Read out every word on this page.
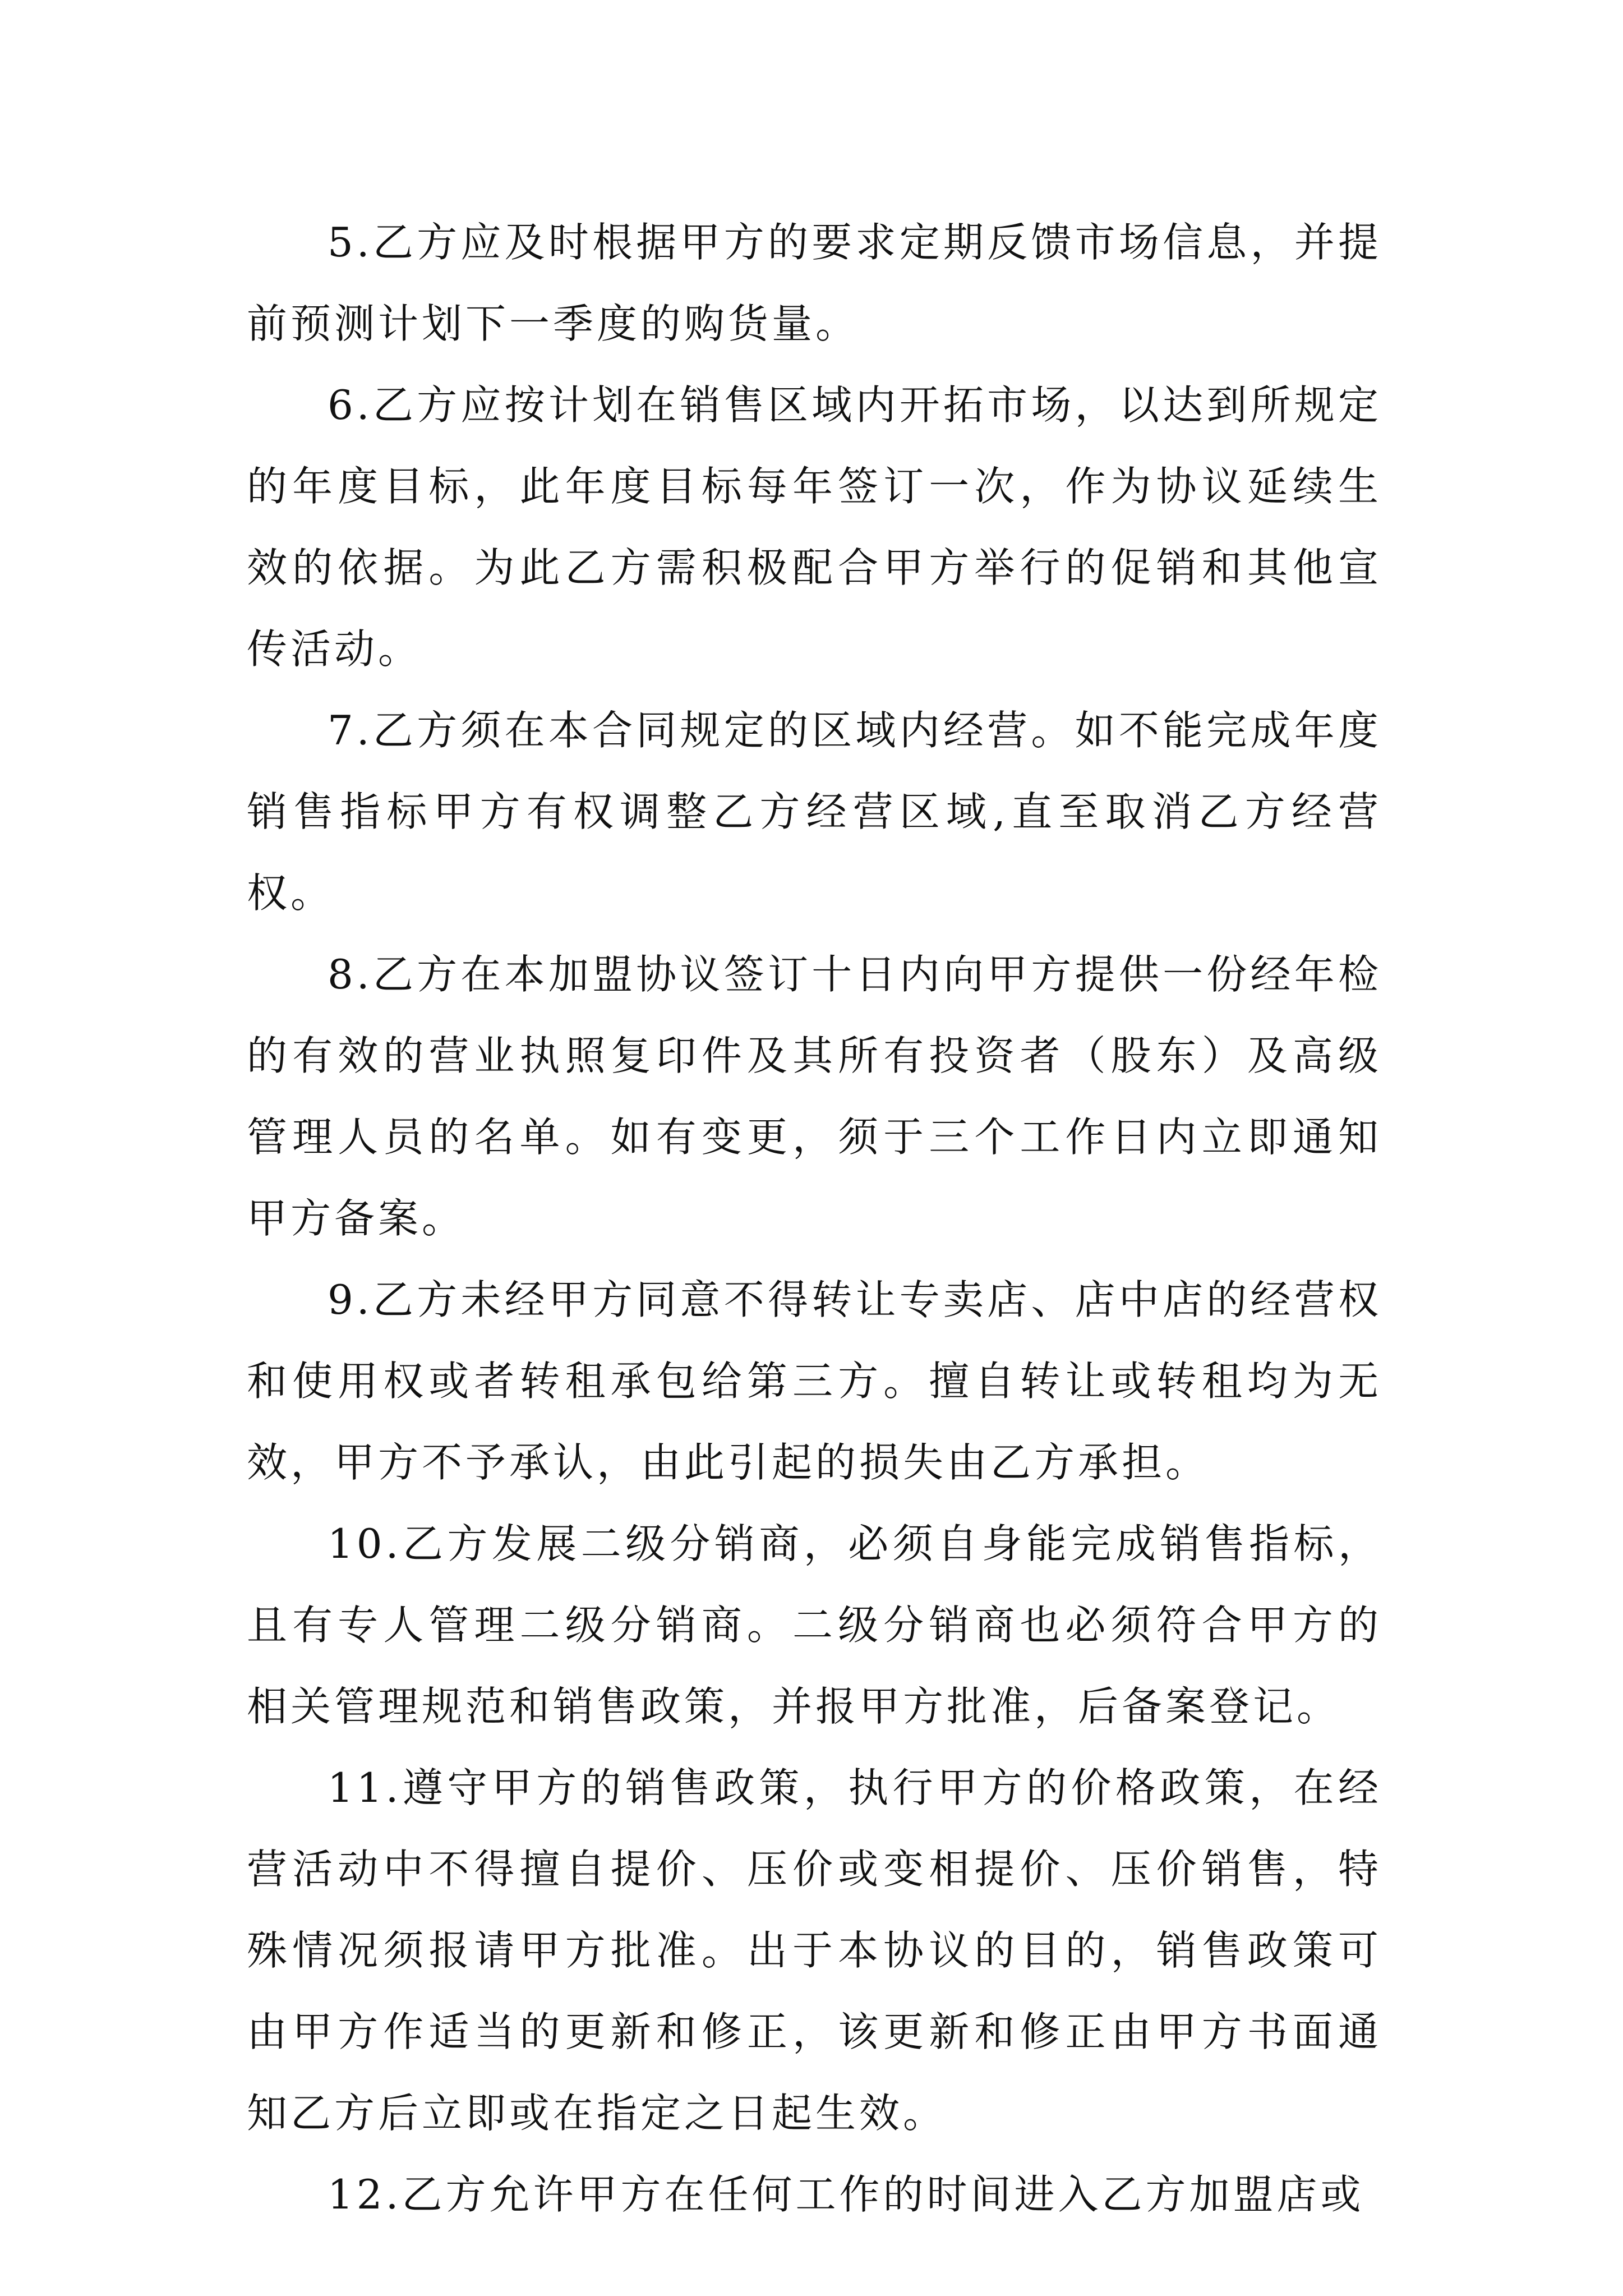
5.乙方应及时根据甲方的要求定期反馈市场信息，并提前预测计划下一季度的购货量。

6.乙方应按计划在销售区域内开拓市场，以达到所规定的年度目标，此年度目标每年签订一次，作为协议延续生效的依据。为此乙方需积极配合甲方举行的促销和其他宣传活动。

7.乙方须在本合同规定的区域内经营。如不能完成年度销售指标甲方有权调整乙方经营区域,直至取消乙方经营权。

8.乙方在本加盟协议签订十日内向甲方提供一份经年检的有效的营业执照复印件及其所有投资者（股东）及高级管理人员的名单。如有变更，须于三个工作日内立即通知甲方备案。

9.乙方未经甲方同意不得转让专卖店、店中店的经营权和使用权或者转租承包给第三方。擅自转让或转租均为无效，甲方不予承认，由此引起的损失由乙方承担。

10.乙方发展二级分销商，必须自身能完成销售指标，且有专人管理二级分销商。二级分销商也必须符合甲方的相关管理规范和销售政策，并报甲方批准，后备案登记。

11.遵守甲方的销售政策，执行甲方的价格政策，在经营活动中不得擅自提价、压价或变相提价、压价销售，特殊情况须报请甲方批准。出于本协议的目的，销售政策可由甲方作适当的更新和修正，该更新和修正由甲方书面通知乙方后立即或在指定之日起生效。

12.乙方允许甲方在任何工作的时间进入乙方加盟店或
